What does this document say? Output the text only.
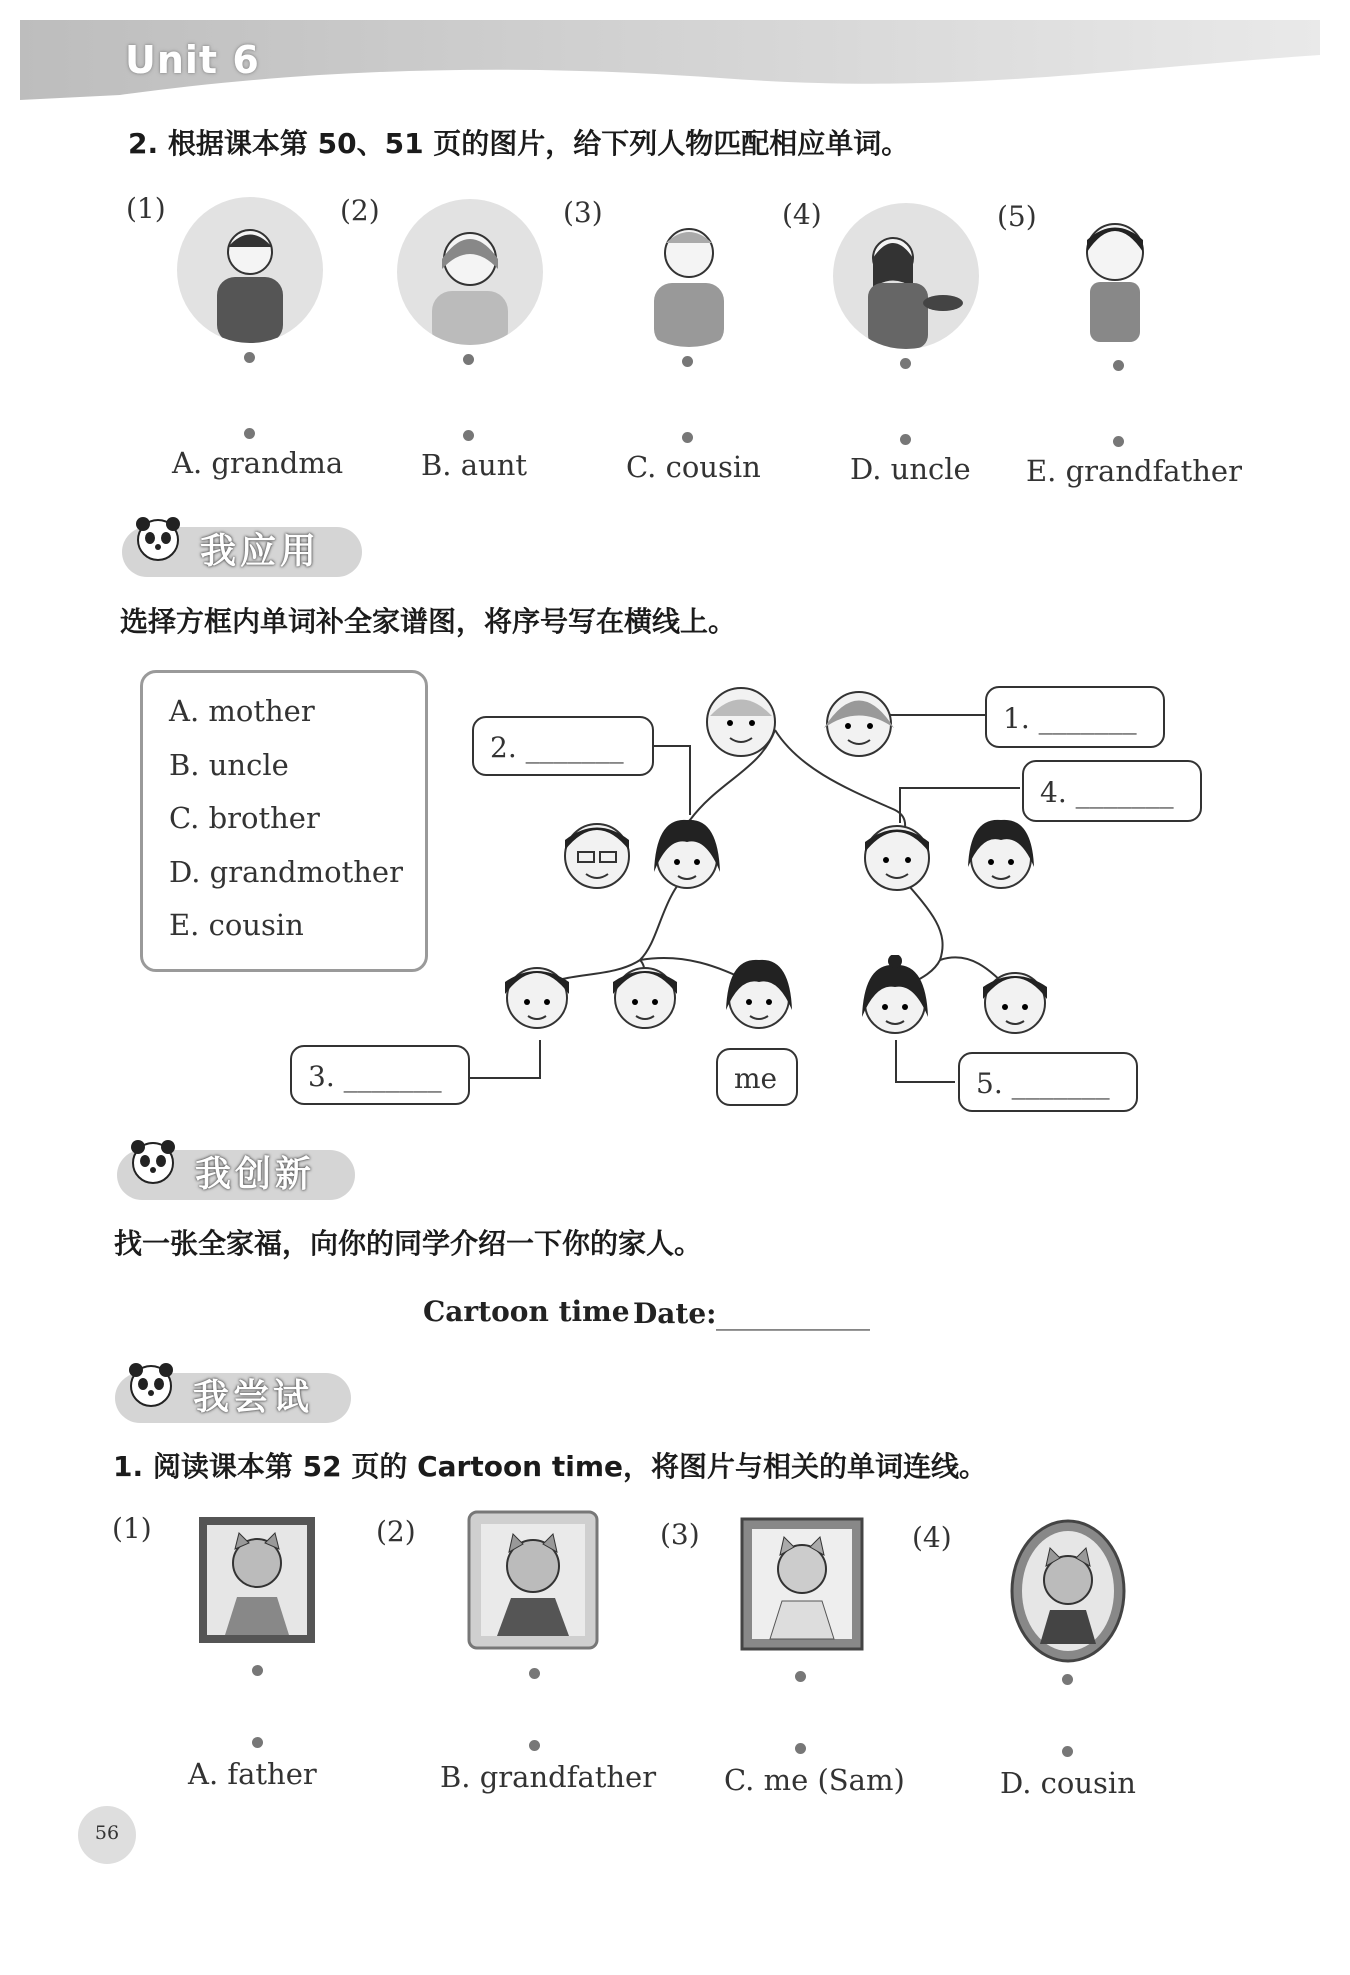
Unit 6
2. 根据课本第 50、51 页的图片，给下列人物匹配相应单词。
(1)	(2)	(3)	(4)	(5)
A. grandma	B. aunt	C. cousin	D. uncle E. grandfather
我应用
选择方框内单词补全家谱图，将序号写在横线上。
A. mother
B. uncle
C. brother
D. grandmother
E. cousin
1. _______
2. _______
3. _______
4. _______
5. _______
me
我创新
找一张全家福，向你的同学介绍一下你的家人。
Cartoon time Date: ___________
我尝试
1. 阅读课本第 52 页的 Cartoon time，将图片与相关的单词连线。
(1)	(2)	(3)	(4)
A. father	B. grandfather C. me (Sam)	D. cousin
56
